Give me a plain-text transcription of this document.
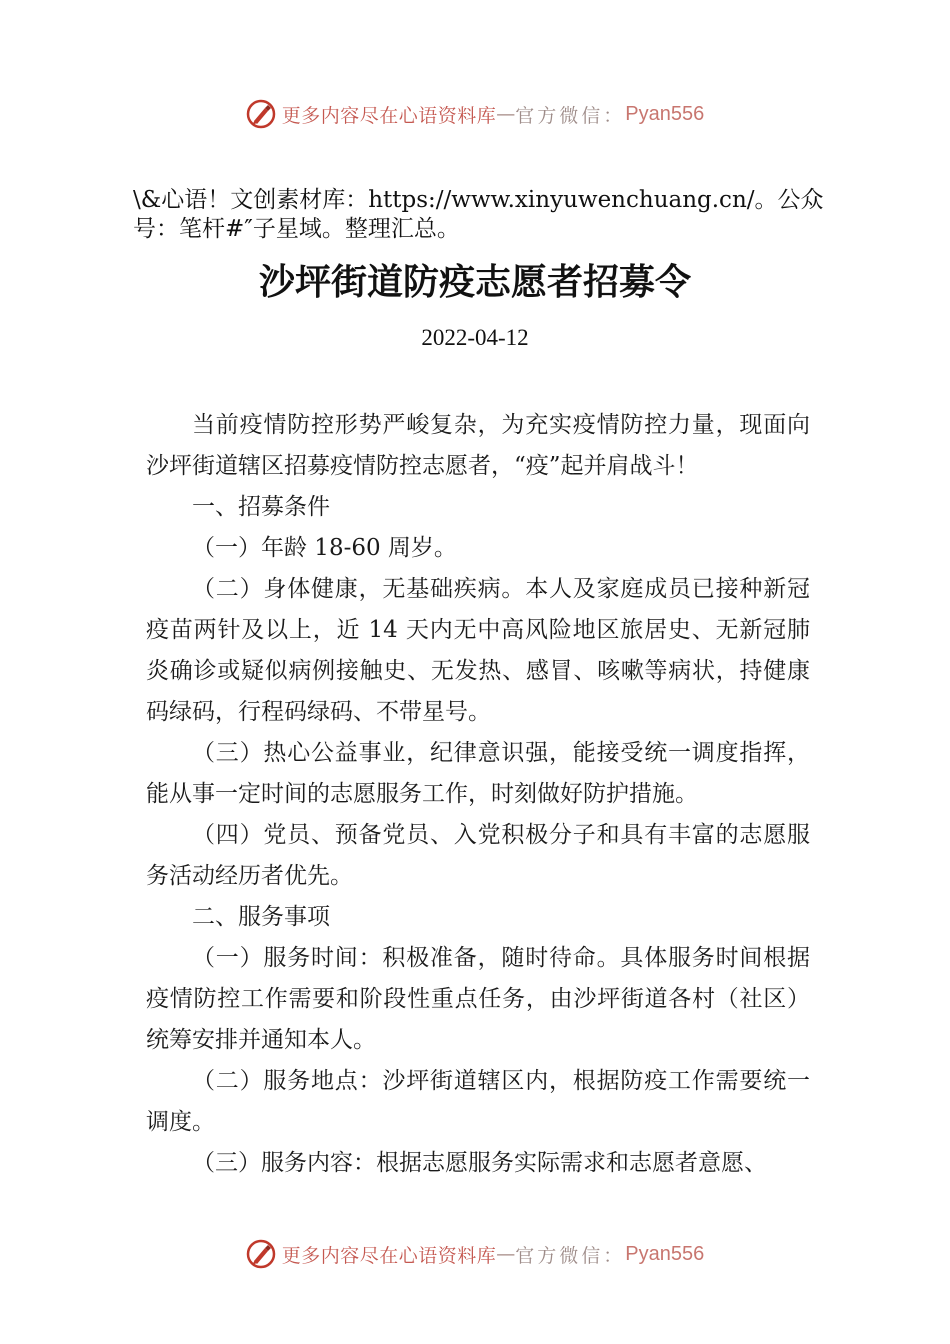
更多内容尽在心语资料库 — 官方微信： Pyan556
\&心语！文创素材库：https://www.xinyuwenchuang.cn/。公众号：笔杆#″子星域。整理汇总。
沙坪街道防疫志愿者招募令
2022-04-12

当前疫情防控形势严峻复杂，为充实疫情防控力量，现面向沙坪街道辖区招募疫情防控志愿者，“疫”起并肩战斗！

一、招募条件

（一）年龄 18-60 周岁。

（二）身体健康，无基础疾病。本人及家庭成员已接种新冠疫苗两针及以上，近 14 天内无中高风险地区旅居史、无新冠肺炎确诊或疑似病例接触史、无发热、感冒、咳嗽等病状，持健康码绿码，行程码绿码、不带星号。

（三）热心公益事业，纪律意识强，能接受统一调度指挥，能从事一定时间的志愿服务工作，时刻做好防护措施。

（四）党员、预备党员、入党积极分子和具有丰富的志愿服务活动经历者优先。

二、服务事项

（一）服务时间：积极准备，随时待命。具体服务时间根据疫情防控工作需要和阶段性重点任务，由沙坪街道各村（社区）统筹安排并通知本人。

（二）服务地点：沙坪街道辖区内，根据防疫工作需要统一调度。

（三）服务内容：根据志愿服务实际需求和志愿者意愿、

更多内容尽在心语资料库 — 官方微信： Pyan556
